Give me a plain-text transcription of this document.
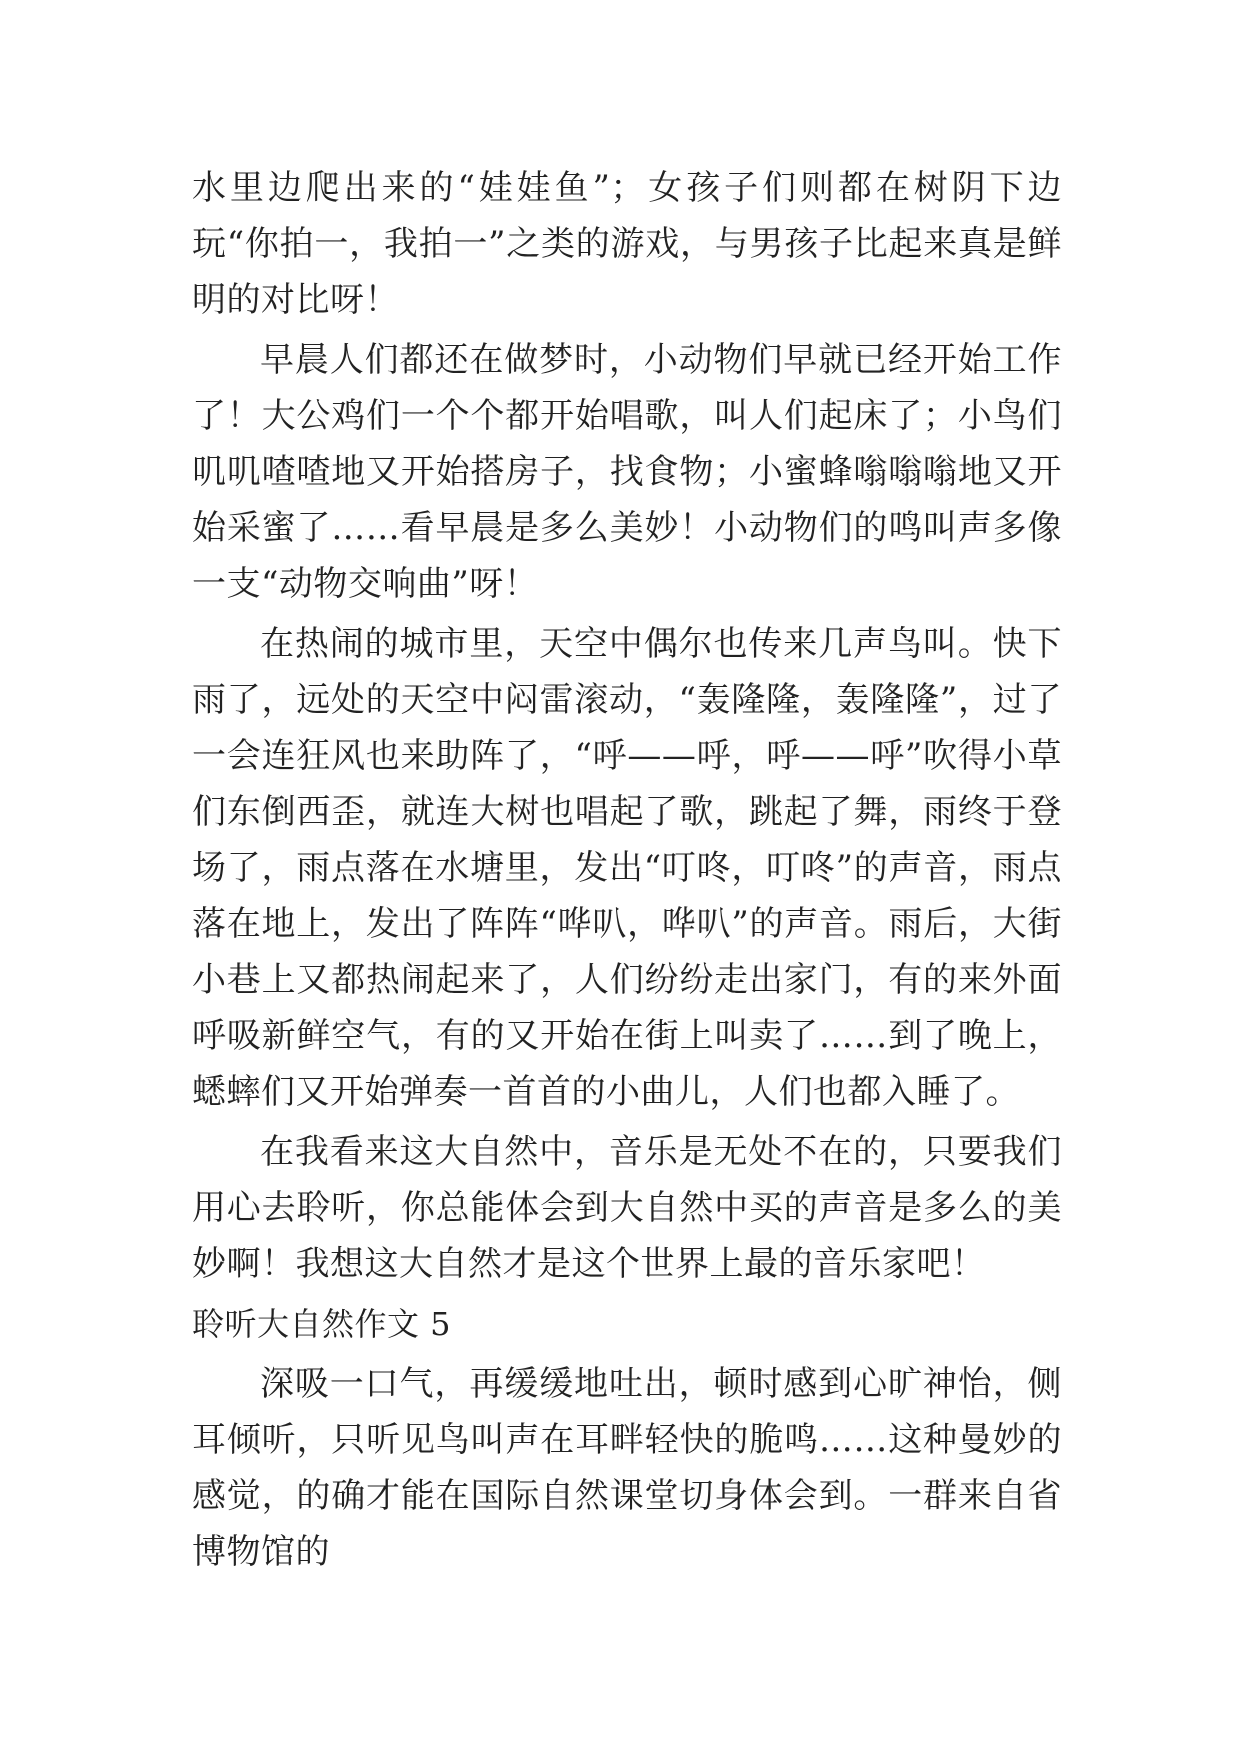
水里边爬出来的“娃娃鱼”；女孩子们则都在树阴下边玩“你拍一，我拍一”之类的游戏，与男孩子比起来真是鲜明的对比呀！

早晨人们都还在做梦时，小动物们早就已经开始工作了！大公鸡们一个个都开始唱歌，叫人们起床了；小鸟们叽叽喳喳地又开始搭房子，找食物；小蜜蜂嗡嗡嗡地又开始采蜜了……看早晨是多么美妙！小动物们的鸣叫声多像一支“动物交响曲”呀！

在热闹的城市里，天空中偶尔也传来几声鸟叫。快下雨了，远处的天空中闷雷滚动，“轰隆隆，轰隆隆”，过了一会连狂风也来助阵了，“呼——呼，呼——呼”吹得小草们东倒西歪，就连大树也唱起了歌，跳起了舞，雨终于登场了，雨点落在水塘里，发出“叮咚，叮咚”的声音，雨点落在地上，发出了阵阵“哗叭，哗叭”的声音。雨后，大街小巷上又都热闹起来了，人们纷纷走出家门，有的来外面呼吸新鲜空气，有的又开始在街上叫卖了……到了晚上，蟋蟀们又开始弹奏一首首的小曲儿，人们也都入睡了。

在我看来这大自然中，音乐是无处不在的，只要我们用心去聆听，你总能体会到大自然中买的声音是多么的美妙啊！我想这大自然才是这个世界上最的音乐家吧！

聆听大自然作文 5

深吸一口气，再缓缓地吐出，顿时感到心旷神怡，侧耳倾听，只听见鸟叫声在耳畔轻快的脆鸣……这种曼妙的感觉，的确才能在国际自然课堂切身体会到。一群来自省博物馆的
